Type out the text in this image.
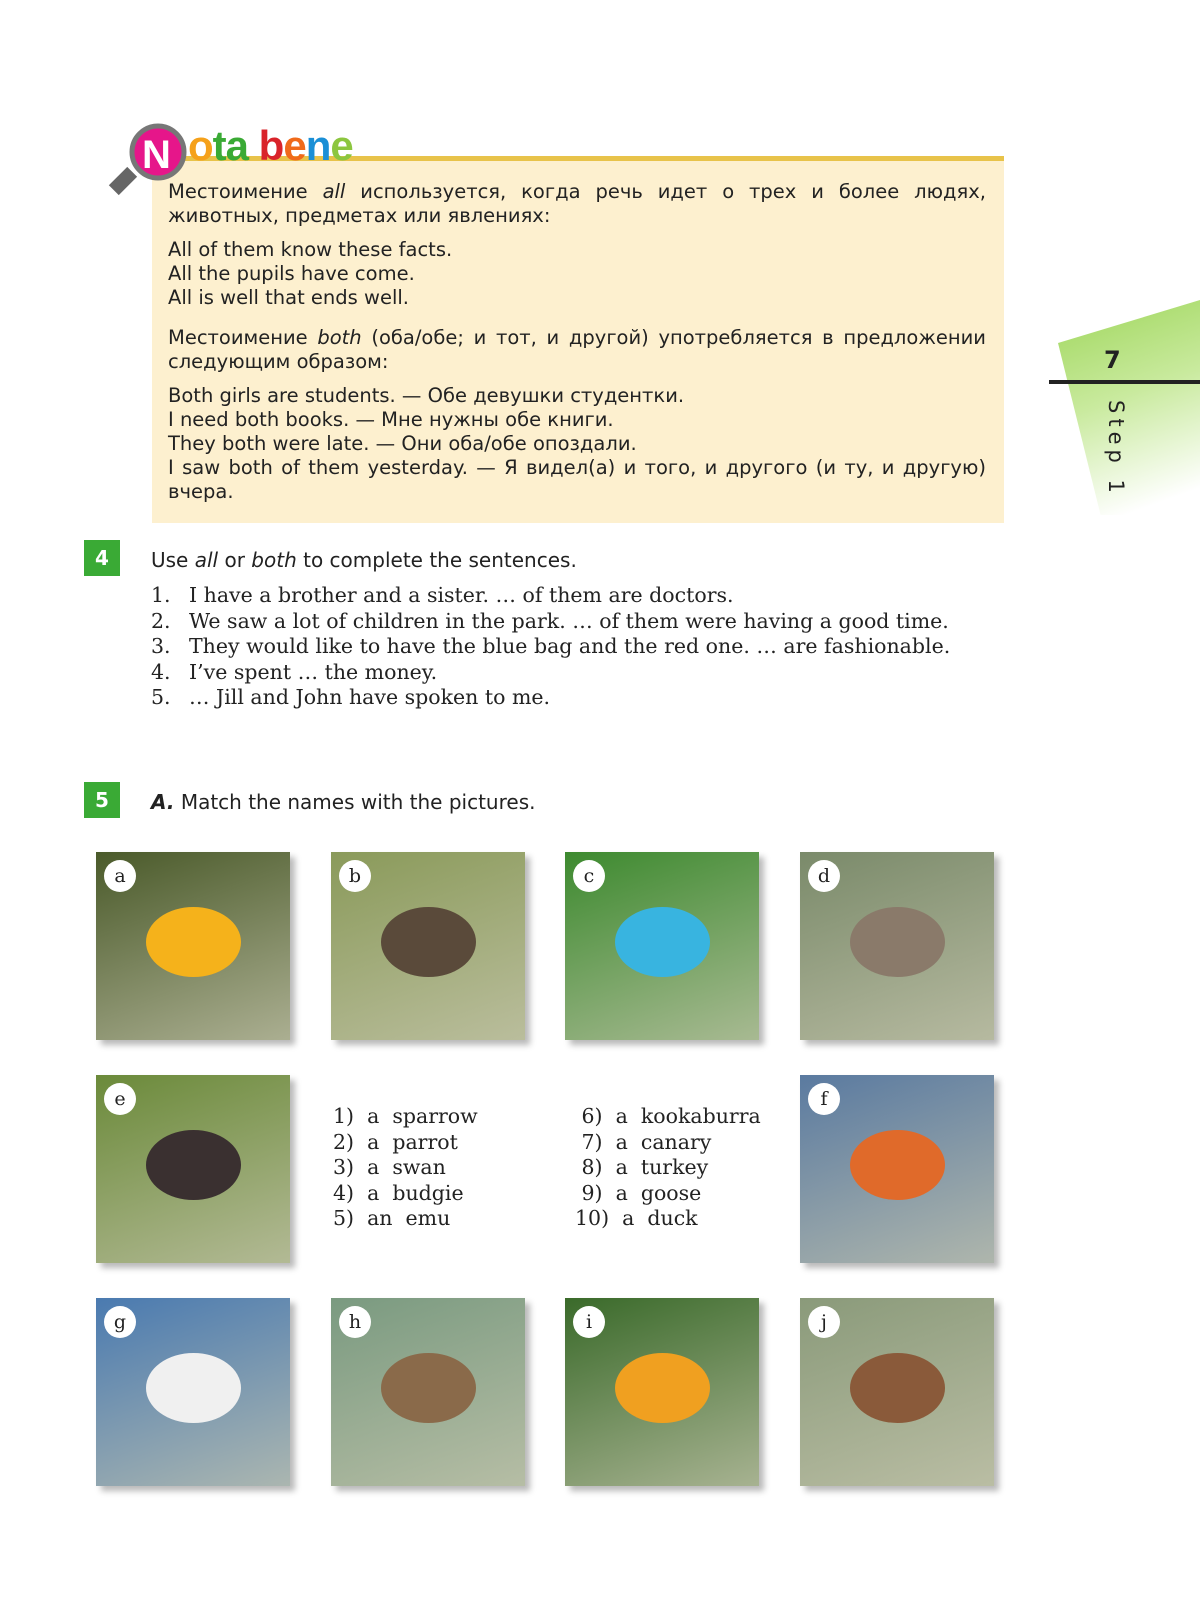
N ota bene

Местоимение all используется, когда речь идет о трех и более людях, животных, предметах или явлениях:

All of them know these facts.

All the pupils have come.

All is well that ends well.

Местоимение both (оба/обе; и тот, и другой) употребляется в предложении следующим образом:

Both girls are students. — Обе девушки студентки.

I need both books. — Мне нужны обе книги.

They both were late. — Они оба/обе опоздали.

I saw both of them yesterday. — Я видел(а) и того, и другого (и ту, и другую) вчера.

7
Step 1
4	Use all or both to complete the sentences.
1. I have a brother and a sister. … of them are doctors.
2. We saw a lot of children in the park. … of them were having a good time.
3. They would like to have the blue bag and the red one. … are fashionable.
4. I’ve spent … the money.
5. … Jill and John have spoken to me.
5	A. Match the names with the pictures.
a	b	c	d
e	f
g	h	i	j
1)  a  sparrow
2)  a  parrot
3)  a  swan
4)  a  budgie
5)  an  emu
6)  a  kookaburra
7)  a  canary
8)  a  turkey
9)  a  goose
10)  a  duck
